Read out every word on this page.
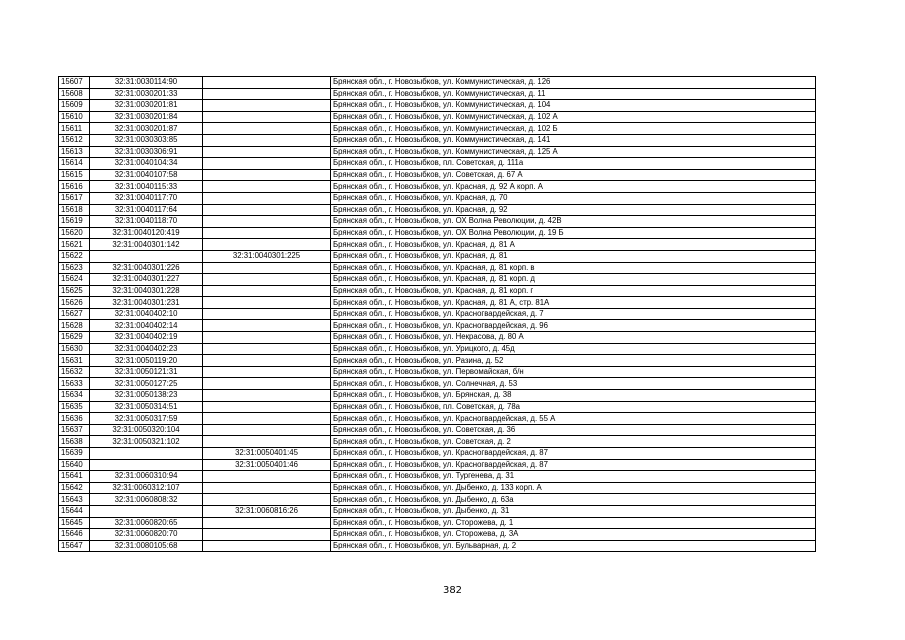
15607	32:31:0030114:90		Брянская обл., г. Новозыбков, ул. Коммунистическая, д. 126
15608	32:31:0030201:33		Брянская обл., г. Новозыбков, ул. Коммунистическая, д. 11
15609	32:31:0030201:81		Брянская обл., г. Новозыбков, ул. Коммунистическая, д. 104
15610	32:31:0030201:84		Брянская обл., г. Новозыбков, ул. Коммунистическая, д. 102 А
15611	32:31:0030201:87		Брянская обл., г. Новозыбков, ул. Коммунистическая, д. 102 Б
15612	32:31:0030303:85		Брянская обл., г. Новозыбков, ул. Коммунистическая, д. 141
15613	32:31:0030306:91		Брянская обл., г. Новозыбков, ул. Коммунистическая, д. 125 А
15614	32:31:0040104:34		Брянская обл., г. Новозыбков, пл. Советская, д. 111а
15615	32:31:0040107:58		Брянская обл., г. Новозыбков, ул. Советская, д. 67 А
15616	32:31:0040115:33		Брянская обл., г. Новозыбков, ул. Красная, д. 92 А корп. А
15617	32:31:0040117:70		Брянская обл., г. Новозыбков, ул. Красная, д. 70
15618	32:31:0040117:64		Брянская обл., г. Новозыбков, ул. Красная, д. 92
15619	32:31:0040118:70		Брянская обл., г. Новозыбков, ул. ОХ Волна Революции, д. 42В
15620	32:31:0040120:419		Брянская обл., г. Новозыбков, ул. ОХ Волна Революции, д. 19 Б
15621	32:31:0040301:142		Брянская обл., г. Новозыбков, ул. Красная, д. 81 А
15622		32:31:0040301:225	Брянская обл., г. Новозыбков, ул. Красная, д. 81
15623	32:31:0040301:226		Брянская обл., г. Новозыбков, ул. Красная, д. 81 корп. в
15624	32:31:0040301:227		Брянская обл., г. Новозыбков, ул. Красная, д. 81 корп. д
15625	32:31:0040301:228		Брянская обл., г. Новозыбков, ул. Красная, д. 81 корп. г
15626	32:31:0040301:231		Брянская обл., г. Новозыбков, ул. Красная, д. 81 А, стр. 81А
15627	32:31:0040402:10		Брянская обл., г. Новозыбков, ул. Красногвардейская, д. 7
15628	32:31:0040402:14		Брянская обл., г. Новозыбков, ул. Красногвардейская, д. 96
15629	32:31:0040402:19		Брянская обл., г. Новозыбков, ул. Некрасова, д. 80 А
15630	32:31:0040402:23		Брянская обл., г. Новозыбков, ул. Урицкого, д. 45д
15631	32:31:0050119:20		Брянская обл., г. Новозыбков, ул. Разина, д. 52
15632	32:31:0050121:31		Брянская обл., г. Новозыбков, ул. Первомайская, б/н
15633	32:31:0050127:25		Брянская обл., г. Новозыбков, ул. Солнечная, д. 53
15634	32:31:0050138:23		Брянская обл., г. Новозыбков, ул. Брянская, д. 38
15635	32:31:0050314:51		Брянская обл., г. Новозыбков, пл. Советская, д. 78а
15636	32:31:0050317:59		Брянская обл., г. Новозыбков, ул. Красногвардейская, д. 55 А
15637	32:31:0050320:104		Брянская обл., г. Новозыбков, ул. Советская, д. 36
15638	32:31:0050321:102		Брянская обл., г. Новозыбков, ул. Советская, д. 2
15639		32:31:0050401:45	Брянская обл., г. Новозыбков, ул. Красногвардейская, д. 87
15640		32:31:0050401:46	Брянская обл., г. Новозыбков, ул. Красногвардейская, д. 87
15641	32:31:0060310:94		Брянская обл., г. Новозыбков, ул. Тургенева, д. 31
15642	32:31:0060312:107		Брянская обл., г. Новозыбков, ул. Дыбенко, д. 133 корп. А
15643	32:31:0060808:32		Брянская обл., г. Новозыбков, ул. Дыбенко, д. 63а
15644		32:31:0060816:26	Брянская обл., г. Новозыбков, ул. Дыбенко, д. 31
15645	32:31:0060820:65		Брянская обл., г. Новозыбков, ул. Сторожева, д. 1
15646	32:31:0060820:70		Брянская обл., г. Новозыбков, ул. Сторожева, д. 3А
15647	32:31:0080105:68		Брянская обл., г. Новозыбков, ул. Бульварная, д. 2
382
